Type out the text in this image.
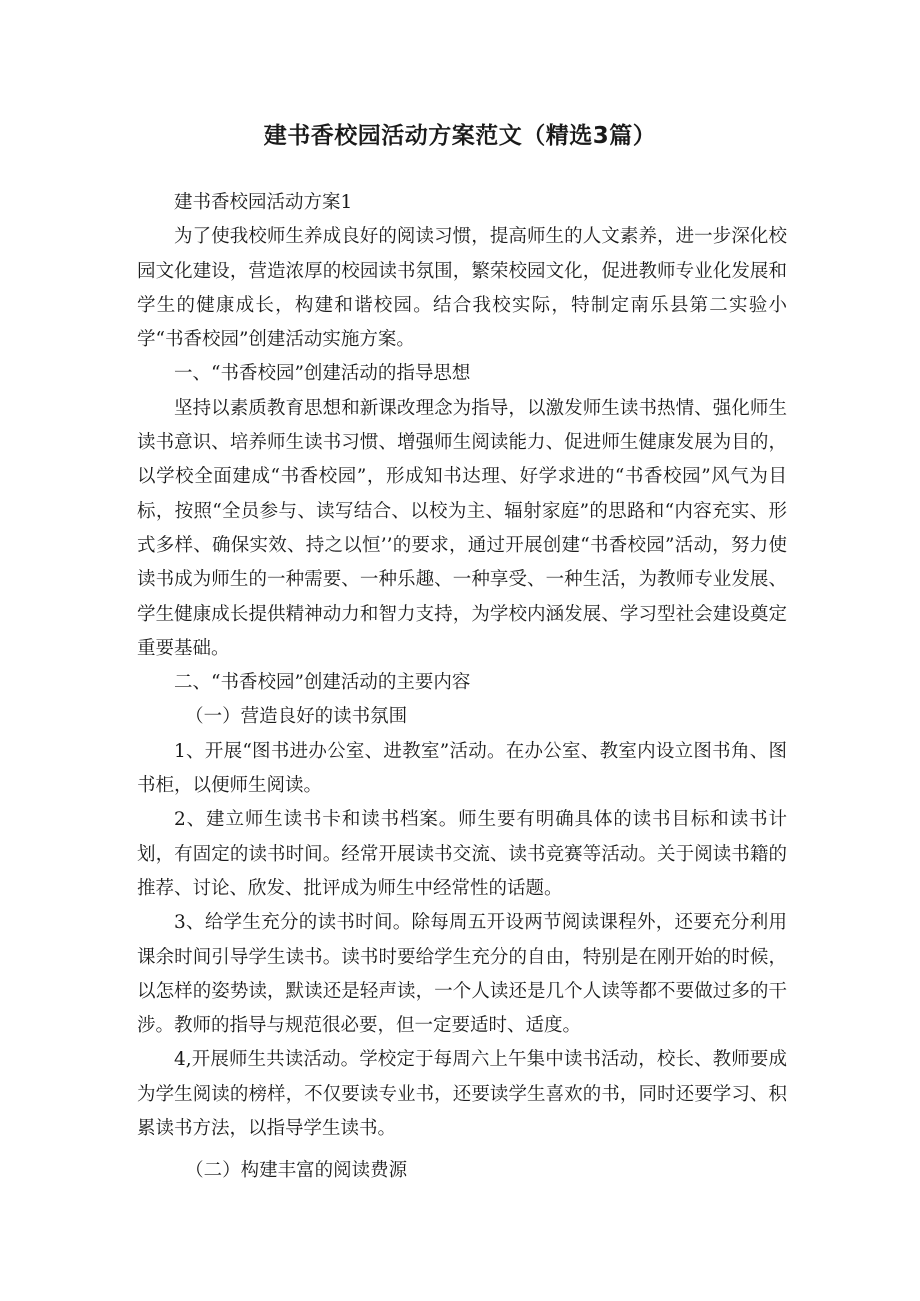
建书香校园活动方案范文（精选3篇）

建书香校园活动方案1

为了使我校师生养成良好的阅读习惯，提高师生的人文素养，进一步深化校园文化建设，营造浓厚的校园读书氛围，繁荣校园文化，促进教师专业化发展和学生的健康成长，构建和谐校园。结合我校实际，特制定南乐县第二实验小学“书香校园”创建活动实施方案。

一、“书香校园”创建活动的指导思想

坚持以素质教育思想和新课改理念为指导，以激发师生读书热情、强化师生读书意识、培养师生读书习惯、增强师生阅读能力、促进师生健康发展为目的，以学校全面建成“书香校园”，形成知书达理、好学求进的“书香校园”风气为目标，按照“全员参与、读写结合、以校为主、辐射家庭”的思路和“内容充实、形式多样、确保实效、持之以恒’’的要求，通过开展创建“书香校园”活动，努力使读书成为师生的一种需要、一种乐趣、一种享受、一种生活，为教师专业发展、学生健康成长提供精神动力和智力支持，为学校内涵发展、学习型社会建设奠定重要基础。

二、“书香校园”创建活动的主要内容

（一）营造良好的读书氛围

1、开展“图书进办公室、进教室”活动。在办公室、教室内设立图书角、图书柜，以便师生阅读。

2、建立师生读书卡和读书档案。师生要有明确具体的读书目标和读书计划，有固定的读书时间。经常开展读书交流、读书竞赛等活动。关于阅读书籍的推荐、讨论、欣发、批评成为师生中经常性的话题。

3、给学生充分的读书时间。除每周五开设两节阅读课程外，还要充分利用课余时间引导学生读书。读书时要给学生充分的自由，特别是在刚开始的时候，以怎样的姿势读，默读还是轻声读，一个人读还是几个人读等都不要做过多的干涉。教师的指导与规范很必要，但一定要适时、适度。

4,开展师生共读活动。学校定于每周六上午集中读书活动，校长、教师要成为学生阅读的榜样，不仅要读专业书，还要读学生喜欢的书，同时还要学习、积累读书方法，以指导学生读书。

（二）构建丰富的阅读费源
